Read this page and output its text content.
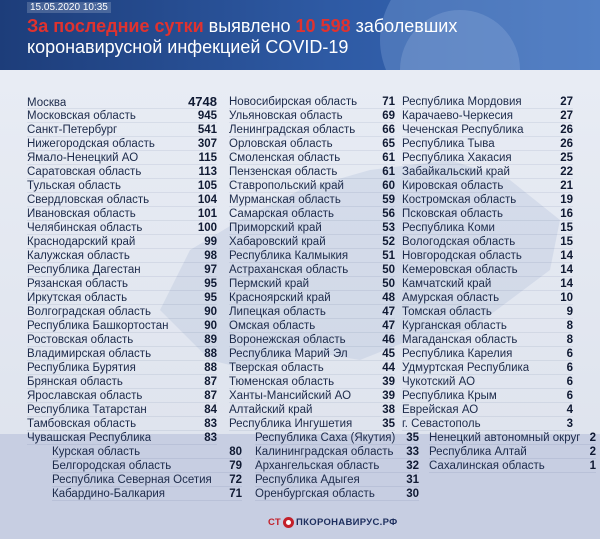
15.05.2020 10:35
За последние сутки выявлено 10 598 заболевших
коронавирусной инфекцией COVID-19
Москва	4748
Московская область	945
Санкт-Петербург	541
Нижегородская область	307
Ямало-Ненецкий АО	115
Саратовская область	113
Тульская область	105
Свердловская область	104
Ивановская область	101
Челябинская область	100
Краснодарский край	99
Калужская область	98
Республика Дагестан	97
Рязанская область	95
Иркутская область	95
Волгоградская область	90
Республика Башкортостан	90
Ростовская область	89
Владимирская область	88
Республика Бурятия	88
Брянская область	87
Ярославская область	87
Республика Татарстан	84
Тамбовская область	83
Чувашская Республика	83
Новосибирская область	71
Ульяновская область	69
Ленинградская область	66
Орловская область	65
Смоленская область	61
Пензенская область	61
Ставропольский край	60
Мурманская область	59
Самарская область	56
Приморский край	53
Хабаровский край	52
Республика Калмыкия	51
Астраханская область	50
Пермский край	50
Красноярский край	48
Липецкая область	47
Омская область	47
Воронежская область	46
Республика Марий Эл	45
Тверская область	44
Тюменская область	39
Ханты-Мансийский АО	39
Алтайский край	38
Республика Ингушетия	35
Республика Мордовия	27
Карачаево-Черкесия	27
Чеченская Республика	26
Республика Тыва	26
Республика Хакасия	25
Забайкальский край	22
Кировская область	21
Костромская область	19
Псковская область	16
Республика Коми	15
Вологодская область	15
Новгородская область	14
Кемеровская область	14
Камчатский край	14
Амурская область	10
Томская область	9
Курганская область	8
Магаданская область	8
Республика Карелия	6
Удмуртская Республика	6
Чукотский АО	6
Республика Крым	6
Еврейская АО	4
г. Севастополь	3
Курская область	80
Белгородская область	79
Республика Северная Осетия	72
Кабардино-Балкария	71
Республика Саха (Якутия) 35
Калининградская область	33
Архангельская область	32
Республика Адыгея	31
Оренбургская область	30
Ненецкий автономный округ 2
Республика Алтай	2
Сахалинская область	1
СТ ПКОРОНАВИРУС.РФ
